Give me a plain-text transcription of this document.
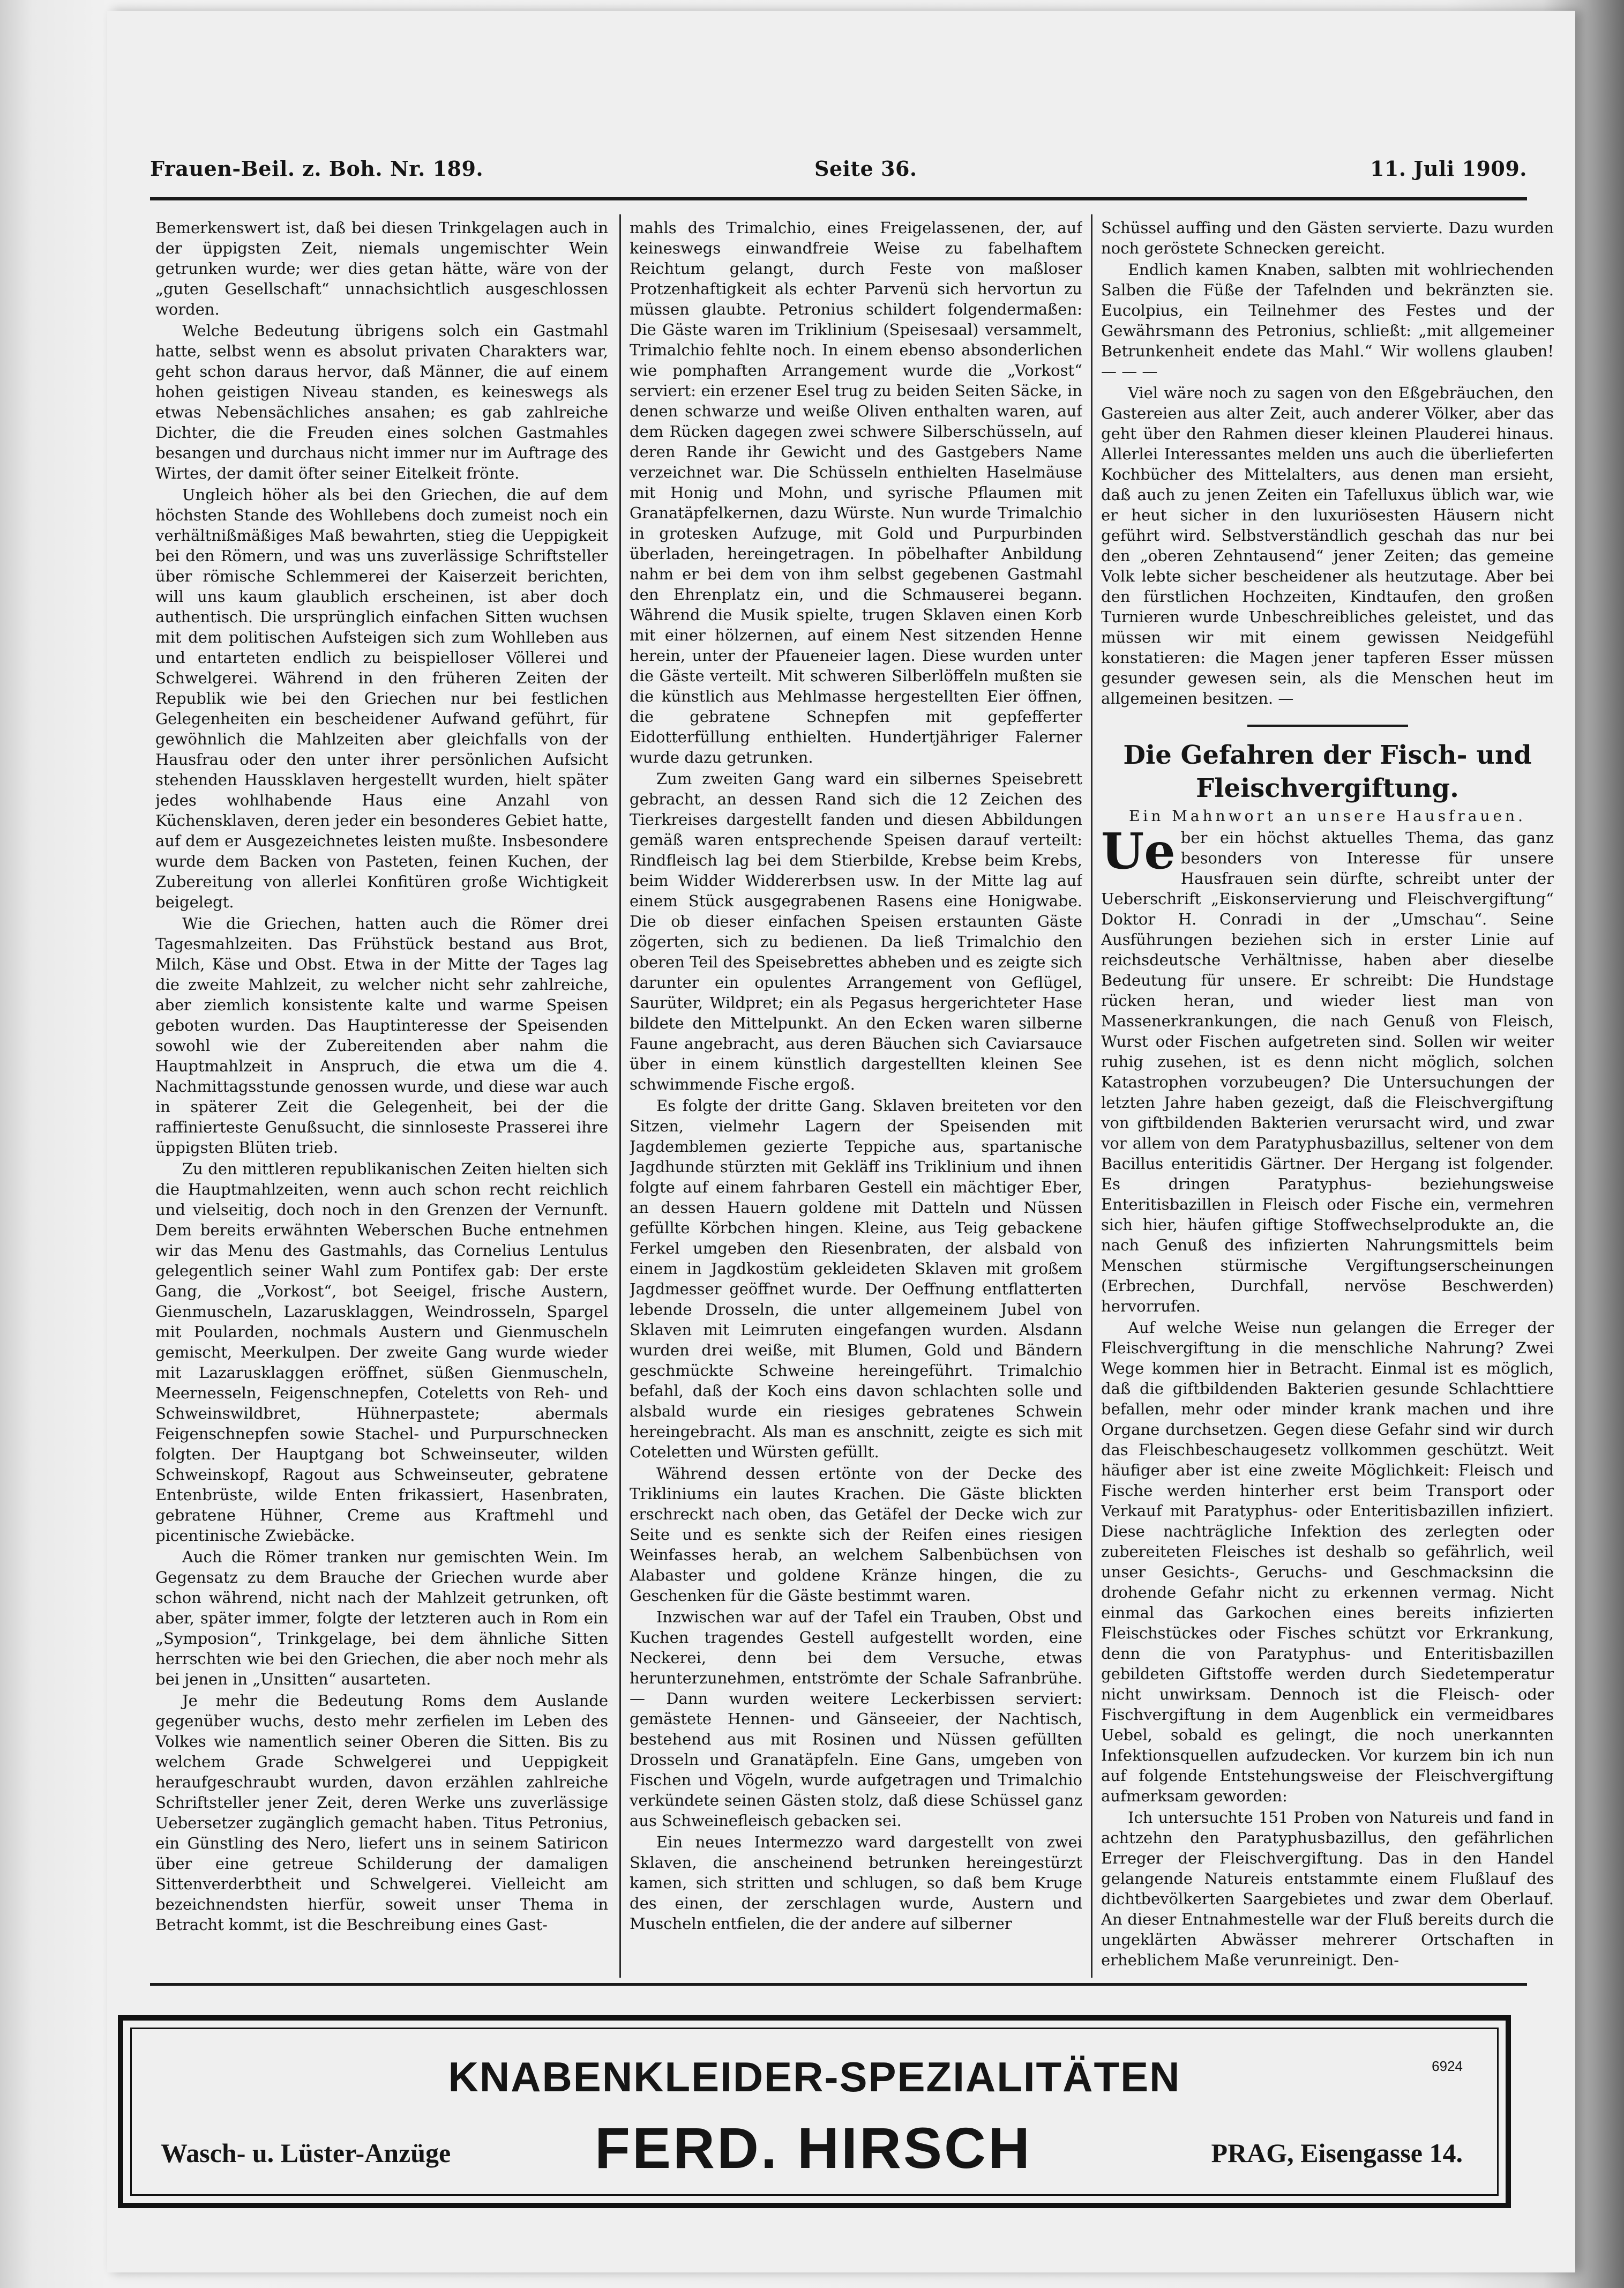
Frauen-Beil. z. Boh. Nr. 189.	Seite 36.	11. Juli 1909.

Bemerkenswert ist, daß bei diesen Trinkgelagen auch in der üppigsten Zeit, niemals ungemischter Wein getrunken wurde; wer dies getan hätte, wäre von der „guten Gesellschaft“ unnachsichtlich ausgeschlossen worden.

Welche Bedeutung übrigens solch ein Gastmahl hatte, selbst wenn es absolut privaten Charakters war, geht schon daraus hervor, daß Männer, die auf einem hohen geistigen Niveau standen, es keineswegs als etwas Nebensächliches ansahen; es gab zahlreiche Dichter, die die Freuden eines solchen Gastmahles besangen und durchaus nicht immer nur im Auftrage des Wirtes, der damit öfter seiner Eitelkeit frönte.

Ungleich höher als bei den Griechen, die auf dem höchsten Stande des Wohllebens doch zumeist noch ein verhältnißmäßiges Maß bewahrten, stieg die Ueppigkeit bei den Römern, und was uns zuverlässige Schriftsteller über römische Schlemmerei der Kaiserzeit berichten, will uns kaum glaublich erscheinen, ist aber doch authentisch. Die ursprünglich einfachen Sitten wuchsen mit dem politischen Aufsteigen sich zum Wohlleben aus und entarteten endlich zu beispielloser Völlerei und Schwelgerei. Während in den früheren Zeiten der Republik wie bei den Griechen nur bei festlichen Gelegenheiten ein bescheidener Aufwand geführt, für gewöhnlich die Mahlzeiten aber gleichfalls von der Hausfrau oder den unter ihrer persönlichen Aufsicht stehenden Haussklaven hergestellt wurden, hielt später jedes wohlhabende Haus eine Anzahl von Küchensklaven, deren jeder ein besonderes Gebiet hatte, auf dem er Ausgezeichnetes leisten mußte. Insbesondere wurde dem Backen von Pasteten, feinen Kuchen, der Zubereitung von allerlei Konfitüren große Wichtigkeit beigelegt.

Wie die Griechen, hatten auch die Römer drei Tagesmahlzeiten. Das Frühstück bestand aus Brot, Milch, Käse und Obst. Etwa in der Mitte der Tages lag die zweite Mahlzeit, zu welcher nicht sehr zahlreiche, aber ziemlich konsistente kalte und warme Speisen geboten wurden. Das Hauptinteresse der Speisenden sowohl wie der Zubereitenden aber nahm die Hauptmahlzeit in Anspruch, die etwa um die 4. Nachmittagsstunde genossen wurde, und diese war auch in späterer Zeit die Gelegenheit, bei der die raffinierteste Genußsucht, die sinnloseste Prasserei ihre üppigsten Blüten trieb.

Zu den mittleren republikanischen Zeiten hielten sich die Hauptmahlzeiten, wenn auch schon recht reichlich und vielseitig, doch noch in den Grenzen der Vernunft. Dem bereits erwähnten Weberschen Buche entnehmen wir das Menu des Gastmahls, das Cornelius Lentulus gelegentlich seiner Wahl zum Pontifex gab: Der erste Gang, die „Vorkost“, bot Seeigel, frische Austern, Gienmuscheln, Lazarusklaggen, Weindrosseln, Spargel mit Poularden, nochmals Austern und Gienmuscheln gemischt, Meerkulpen. Der zweite Gang wurde wieder mit Lazarusklaggen eröffnet, süßen Gienmuscheln, Meernesseln, Feigenschnepfen, Coteletts von Reh- und Schweinswildbret, Hühnerpastete; abermals Feigenschnepfen sowie Stachel- und Purpurschnecken folgten. Der Hauptgang bot Schweinseuter, wilden Schweinskopf, Ragout aus Schweinseuter, gebratene Entenbrüste, wilde Enten frikassiert, Hasenbraten, gebratene Hühner, Creme aus Kraftmehl und picentinische Zwiebäcke.

Auch die Römer tranken nur gemischten Wein. Im Gegensatz zu dem Brauche der Griechen wurde aber schon während, nicht nach der Mahlzeit getrunken, oft aber, später immer, folgte der letzteren auch in Rom ein „Symposion“, Trinkgelage, bei dem ähnliche Sitten herrschten wie bei den Griechen, die aber noch mehr als bei jenen in „Unsitten“ ausarteten.

Je mehr die Bedeutung Roms dem Auslande gegenüber wuchs, desto mehr zerfielen im Leben des Volkes wie namentlich seiner Oberen die Sitten. Bis zu welchem Grade Schwelgerei und Ueppigkeit heraufgeschraubt wurden, davon erzählen zahlreiche Schriftsteller jener Zeit, deren Werke uns zuverlässige Uebersetzer zugänglich gemacht haben. Titus Petronius, ein Günstling des Nero, liefert uns in seinem Satiricon über eine getreue Schilderung der damaligen Sittenverderbtheit und Schwelgerei. Vielleicht am bezeichnendsten hierfür, soweit unser Thema in Betracht kommt, ist die Beschreibung eines Gast-

mahls des Trimalchio, eines Freigelassenen, der, auf keineswegs einwandfreie Weise zu fabelhaftem Reichtum gelangt, durch Feste von maßloser Protzenhaftigkeit als echter Parvenü sich hervortun zu müssen glaubte. Petronius schildert folgendermaßen: Die Gäste waren im Triklinium (Speisesaal) versammelt, Trimalchio fehlte noch. In einem ebenso absonderlichen wie pomphaften Arrangement wurde die „Vorkost“ serviert: ein erzener Esel trug zu beiden Seiten Säcke, in denen schwarze und weiße Oliven enthalten waren, auf dem Rücken dagegen zwei schwere Silberschüsseln, auf deren Rande ihr Gewicht und des Gastgebers Name verzeichnet war. Die Schüsseln enthielten Haselmäuse mit Honig und Mohn, und syrische Pflaumen mit Granatäpfelkernen, dazu Würste. Nun wurde Trimalchio in grotesken Aufzuge, mit Gold und Purpurbinden überladen, hereingetragen. In pöbelhafter Anbildung nahm er bei dem von ihm selbst gegebenen Gastmahl den Ehrenplatz ein, und die Schmauserei begann. Während die Musik spielte, trugen Sklaven einen Korb mit einer hölzernen, auf einem Nest sitzenden Henne herein, unter der Pfaueneier lagen. Diese wurden unter die Gäste verteilt. Mit schweren Silberlöffeln mußten sie die künstlich aus Mehlmasse hergestellten Eier öffnen, die gebratene Schnepfen mit gepfefferter Eidotterfüllung enthielten. Hundertjähriger Falerner wurde dazu getrunken.

Zum zweiten Gang ward ein silbernes Speisebrett gebracht, an dessen Rand sich die 12 Zeichen des Tierkreises dargestellt fanden und diesen Abbildungen gemäß waren entsprechende Speisen darauf verteilt: Rindfleisch lag bei dem Stierbilde, Krebse beim Krebs, beim Widder Widdererbsen usw. In der Mitte lag auf einem Stück ausgegrabenen Rasens eine Honigwabe. Die ob dieser einfachen Speisen erstaunten Gäste zögerten, sich zu bedienen. Da ließ Trimalchio den oberen Teil des Speisebrettes abheben und es zeigte sich darunter ein opulentes Arrangement von Geflügel, Saurüter, Wildpret; ein als Pegasus hergerichteter Hase bildete den Mittelpunkt. An den Ecken waren silberne Faune angebracht, aus deren Bäuchen sich Caviarsauce über in einem künstlich dargestellten kleinen See schwimmende Fische ergoß.

Es folgte der dritte Gang. Sklaven breiteten vor den Sitzen, vielmehr Lagern der Speisenden mit Jagdemblemen gezierte Teppiche aus, spartanische Jagdhunde stürzten mit Gekläff ins Triklinium und ihnen folgte auf einem fahrbaren Gestell ein mächtiger Eber, an dessen Hauern goldene mit Datteln und Nüssen gefüllte Körbchen hingen. Kleine, aus Teig gebackene Ferkel umgeben den Riesenbraten, der alsbald von einem in Jagdkostüm gekleideten Sklaven mit großem Jagdmesser geöffnet wurde. Der Oeffnung entflatterten lebende Drosseln, die unter allgemeinem Jubel von Sklaven mit Leimruten eingefangen wurden. Alsdann wurden drei weiße, mit Blumen, Gold und Bändern geschmückte Schweine hereingeführt. Trimalchio befahl, daß der Koch eins davon schlachten solle und alsbald wurde ein riesiges gebratenes Schwein hereingebracht. Als man es anschnitt, zeigte es sich mit Coteletten und Würsten gefüllt.

Während dessen ertönte von der Decke des Trikliniums ein lautes Krachen. Die Gäste blickten erschreckt nach oben, das Getäfel der Decke wich zur Seite und es senkte sich der Reifen eines riesigen Weinfasses herab, an welchem Salbenbüchsen von Alabaster und goldene Kränze hingen, die zu Geschenken für die Gäste bestimmt waren.

Inzwischen war auf der Tafel ein Trauben, Obst und Kuchen tragendes Gestell aufgestellt worden, eine Neckerei, denn bei dem Versuche, etwas herunterzunehmen, entströmte der Schale Safranbrühe. — Dann wurden weitere Leckerbissen serviert: gemästete Hennen- und Gänseeier, der Nachtisch, bestehend aus mit Rosinen und Nüssen gefüllten Drosseln und Granatäpfeln. Eine Gans, umgeben von Fischen und Vögeln, wurde aufgetragen und Trimalchio verkündete seinen Gästen stolz, daß diese Schüssel ganz aus Schweinefleisch gebacken sei.

Ein neues Intermezzo ward dargestellt von zwei Sklaven, die anscheinend betrunken hereingestürzt kamen, sich stritten und schlugen, so daß bem Kruge des einen, der zerschlagen wurde, Austern und Muscheln entfielen, die der andere auf silberner

Schüssel auffing und den Gästen servierte. Dazu wurden noch geröstete Schnecken gereicht.

Endlich kamen Knaben, salbten mit wohlriechenden Salben die Füße der Tafelnden und bekränzten sie. Eucolpius, ein Teilnehmer des Festes und der Gewährsmann des Petronius, schließt: „mit allgemeiner Betrunkenheit endete das Mahl.“ Wir wollens glauben! — — —

Viel wäre noch zu sagen von den Eßgebräuchen, den Gastereien aus alter Zeit, auch anderer Völker, aber das geht über den Rahmen dieser kleinen Plauderei hinaus. Allerlei Interessantes melden uns auch die überlieferten Kochbücher des Mittelalters, aus denen man ersieht, daß auch zu jenen Zeiten ein Tafelluxus üblich war, wie er heut sicher in den luxuriösesten Häusern nicht geführt wird. Selbstverständlich geschah das nur bei den „oberen Zehntausend“ jener Zeiten; das gemeine Volk lebte sicher bescheidener als heutzutage. Aber bei den fürstlichen Hochzeiten, Kindtaufen, den großen Turnieren wurde Unbeschreibliches geleistet, und das müssen wir mit einem gewissen Neidgefühl konstatieren: die Magen jener tapferen Esser müssen gesunder gewesen sein, als die Menschen heut im allgemeinen besitzen. —

Die Gefahren der Fisch- und Fleischvergiftung.

Ein Mahnwort an unsere Hausfrauen.

Ue ber ein höchst aktuelles Thema, das ganz besonders von Interesse für unsere Hausfrauen sein dürfte, schreibt unter der Ueberschrift „Eiskonservierung und Fleischvergiftung“ Doktor H. Conradi in der „Umschau“. Seine Ausführungen beziehen sich in erster Linie auf reichsdeutsche Verhältnisse, haben aber dieselbe Bedeutung für unsere. Er schreibt: Die Hundstage rücken heran, und wieder liest man von Massenerkrankungen, die nach Genuß von Fleisch, Wurst oder Fischen aufgetreten sind. Sollen wir weiter ruhig zusehen, ist es denn nicht möglich, solchen Katastrophen vorzubeugen? Die Untersuchungen der letzten Jahre haben gezeigt, daß die Fleischvergiftung von giftbildenden Bakterien verursacht wird, und zwar vor allem von dem Paratyphusbazillus, seltener von dem Bacillus enteritidis Gärtner. Der Hergang ist folgender. Es dringen Paratyphus- beziehungsweise Enteritisbazillen in Fleisch oder Fische ein, vermehren sich hier, häufen giftige Stoffwechselprodukte an, die nach Genuß des infizierten Nahrungsmittels beim Menschen stürmische Vergiftungserscheinungen (Erbrechen, Durchfall, nervöse Beschwerden) hervorrufen.

Auf welche Weise nun gelangen die Erreger der Fleischvergiftung in die menschliche Nahrung? Zwei Wege kommen hier in Betracht. Einmal ist es möglich, daß die giftbildenden Bakterien gesunde Schlachttiere befallen, mehr oder minder krank machen und ihre Organe durchsetzen. Gegen diese Gefahr sind wir durch das Fleischbeschaugesetz vollkommen geschützt. Weit häufiger aber ist eine zweite Möglichkeit: Fleisch und Fische werden hinterher erst beim Transport oder Verkauf mit Paratyphus- oder Enteritisbazillen infiziert. Diese nachträgliche Infektion des zerlegten oder zubereiteten Fleisches ist deshalb so gefährlich, weil unser Gesichts-, Geruchs- und Geschmacksinn die drohende Gefahr nicht zu erkennen vermag. Nicht einmal das Garkochen eines bereits infizierten Fleischstückes oder Fisches schützt vor Erkrankung, denn die von Paratyphus- und Enteritisbazillen gebildeten Giftstoffe werden durch Siedetemperatur nicht unwirksam. Dennoch ist die Fleisch- oder Fischvergiftung in dem Augenblick ein vermeidbares Uebel, sobald es gelingt, die noch unerkannten Infektionsquellen aufzudecken. Vor kurzem bin ich nun auf folgende Entstehungsweise der Fleischvergiftung aufmerksam geworden:

Ich untersuchte 151 Proben von Natureis und fand in achtzehn den Paratyphusbazillus, den gefährlichen Erreger der Fleischvergiftung. Das in den Handel gelangende Natureis entstammte einem Flußlauf des dichtbevölkerten Saargebietes und zwar dem Oberlauf. An dieser Entnahmestelle war der Fluß bereits durch die ungeklärten Abwässer mehrerer Ortschaften in erheblichem Maße verunreinigt. Den-

KNABENKLEIDER-SPEZIALITÄTEN	6924
Wasch- u. Lüster-Anzüge FERD. HIRSCH	PRAG, Eisengasse 14.
